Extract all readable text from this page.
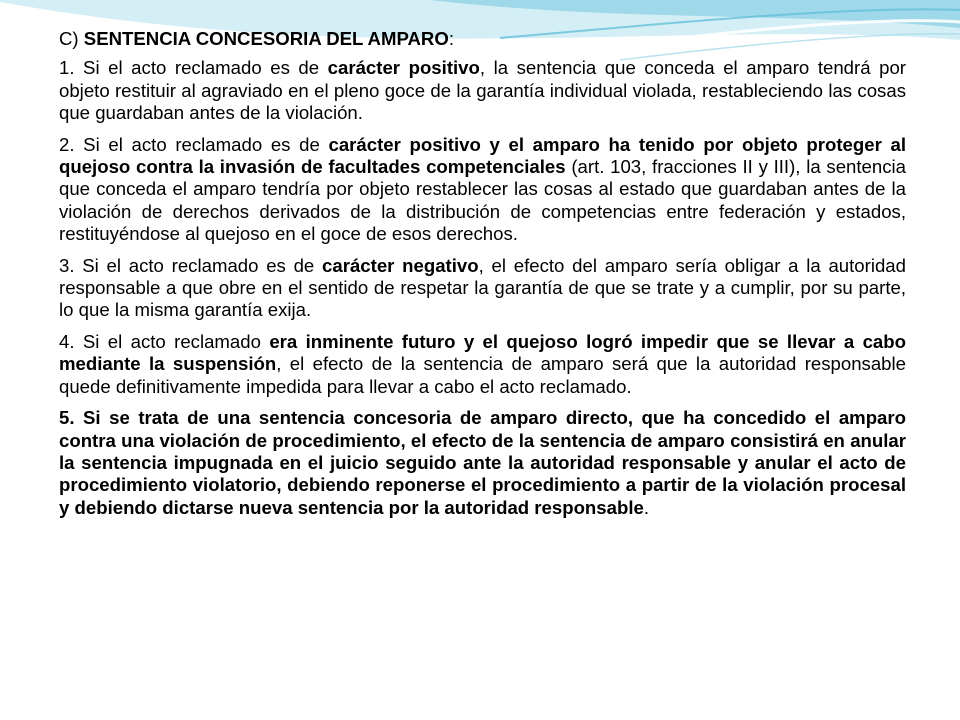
C) SENTENCIA CONCESORIA DEL AMPARO:

1. Si el acto reclamado es de carácter positivo, la sentencia que conceda el amparo tendrá por objeto restituir al agraviado en el pleno goce de la garantía individual violada, restableciendo las cosas que guardaban antes de la violación.

2. Si el acto reclamado es de carácter positivo y el amparo ha tenido por objeto proteger al quejoso contra la invasión de facultades competenciales (art. 103, fracciones II y III), la sentencia que conceda el amparo tendría por objeto restablecer las cosas al estado que guardaban antes de la violación de derechos derivados de la distribución de competencias entre federación y estados, restituyéndose al quejoso en el goce de esos derechos.

3. Si el acto reclamado es de carácter negativo, el efecto del amparo sería obligar a la autoridad responsable a que obre en el sentido de respetar la garantía de que se trate y a cumplir, por su parte, lo que la misma garantía exija.

4. Si el acto reclamado era inminente futuro y el quejoso logró impedir que se llevar a cabo mediante la suspensión, el efecto de la sentencia de amparo será que la autoridad responsable quede definitivamente impedida para llevar a cabo el acto reclamado.

5. Si se trata de una sentencia concesoria de amparo directo, que ha concedido el amparo contra una violación de procedimiento, el efecto de la sentencia de amparo consistirá en anular la sentencia impugnada en el juicio seguido ante la autoridad responsable y anular el acto de procedimiento violatorio, debiendo reponerse el procedimiento a partir de la violación procesal y debiendo dictarse nueva sentencia por la autoridad responsable.
